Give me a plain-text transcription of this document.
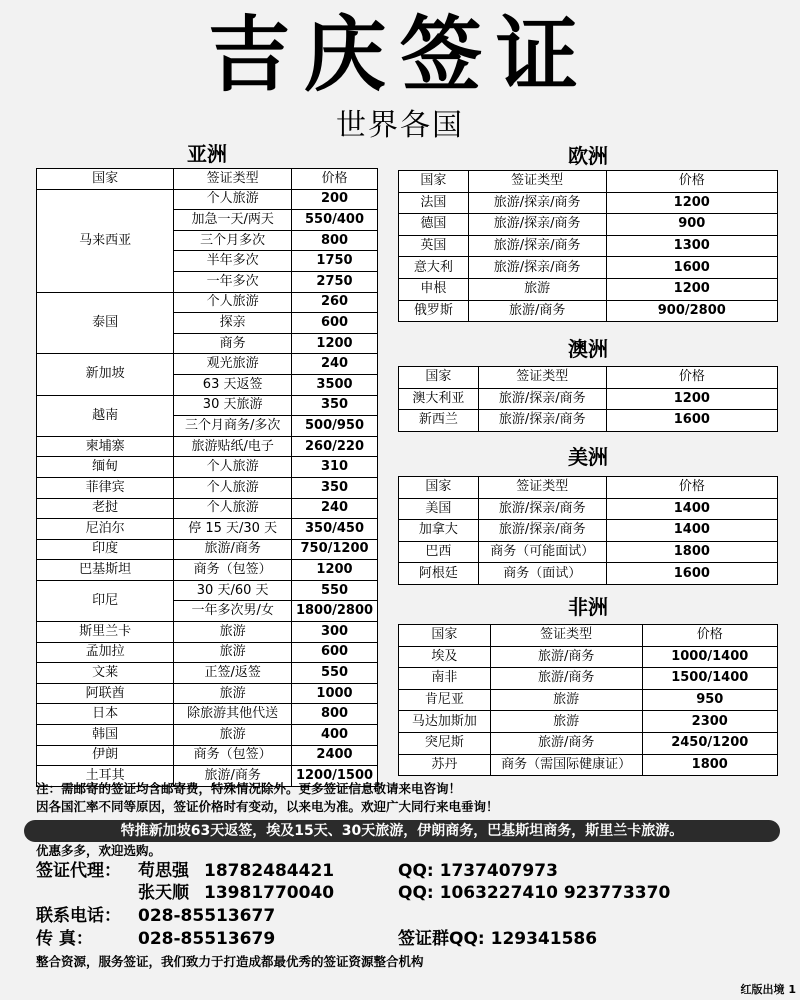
吉庆签证
世界各国
亚洲
国家	签证类型	价格
马来西亚	个人旅游	200
	加急一天/两天	550/400
	三个月多次	800
	半年多次	1750
	一年多次	2750
泰国	个人旅游	260
	探亲	600
	商务	1200
新加坡	观光旅游	240
	63 天返签	3500
越南	30 天旅游	350
	三个月商务/多次	500/950
柬埔寨	旅游贴纸/电子	260/220
缅甸	个人旅游	310
菲律宾	个人旅游	350
老挝	个人旅游	240
尼泊尔	停 15 天/30 天	350/450
印度	旅游/商务	750/1200
巴基斯坦	商务（包签）	1200
印尼	30 天/60 天	550
	一年多次男/女	1800/2800
斯里兰卡	旅游	300
孟加拉	旅游	600
文莱	正签/返签	550
阿联酋	旅游	1000
日本	除旅游其他代送	800
韩国	旅游	400
伊朗	商务（包签）	2400
土耳其	旅游/商务	1200/1500
欧洲
国家	签证类型	价格
法国	旅游/探亲/商务	1200
德国	旅游/探亲/商务	900
英国	旅游/探亲/商务	1300
意大利	旅游/探亲/商务	1600
申根	旅游	1200
俄罗斯	旅游/商务	900/2800
澳洲
国家	签证类型	价格
澳大利亚	旅游/探亲/商务	1200
新西兰	旅游/探亲/商务	1600
美洲
国家	签证类型	价格
美国	旅游/探亲/商务	1400
加拿大	旅游/探亲/商务	1400
巴西	商务（可能面试）	1800
阿根廷	商务（面试）	1600
非洲
国家	签证类型	价格
埃及	旅游/商务	1000/1400
南非	旅游/商务	1500/1400
肯尼亚	旅游	950
马达加斯加	旅游	2300
突尼斯	旅游/商务	2450/1200
苏丹	商务（需国际健康证）	1800
注：需邮寄的签证均含邮寄费，特殊情况除外。更多签证信息敬请来电咨询！
因各国汇率不同等原因，签证价格时有变动，以来电为准。欢迎广大同行来电垂询！
特推新加坡63天返签，埃及15天、30天旅游，伊朗商务，巴基斯坦商务，斯里兰卡旅游。
优惠多多，欢迎选购。
签证代理： 苟思强 18782484421	QQ: 1737407973
张天顺 13981770040	QQ: 1063227410 923773370
联系电话： 028-85513677
传 真：	028-85513679	签证群QQ: 129341586
整合资源，服务签证，我们致力于打造成都最优秀的签证资源整合机构
红版出境 1
